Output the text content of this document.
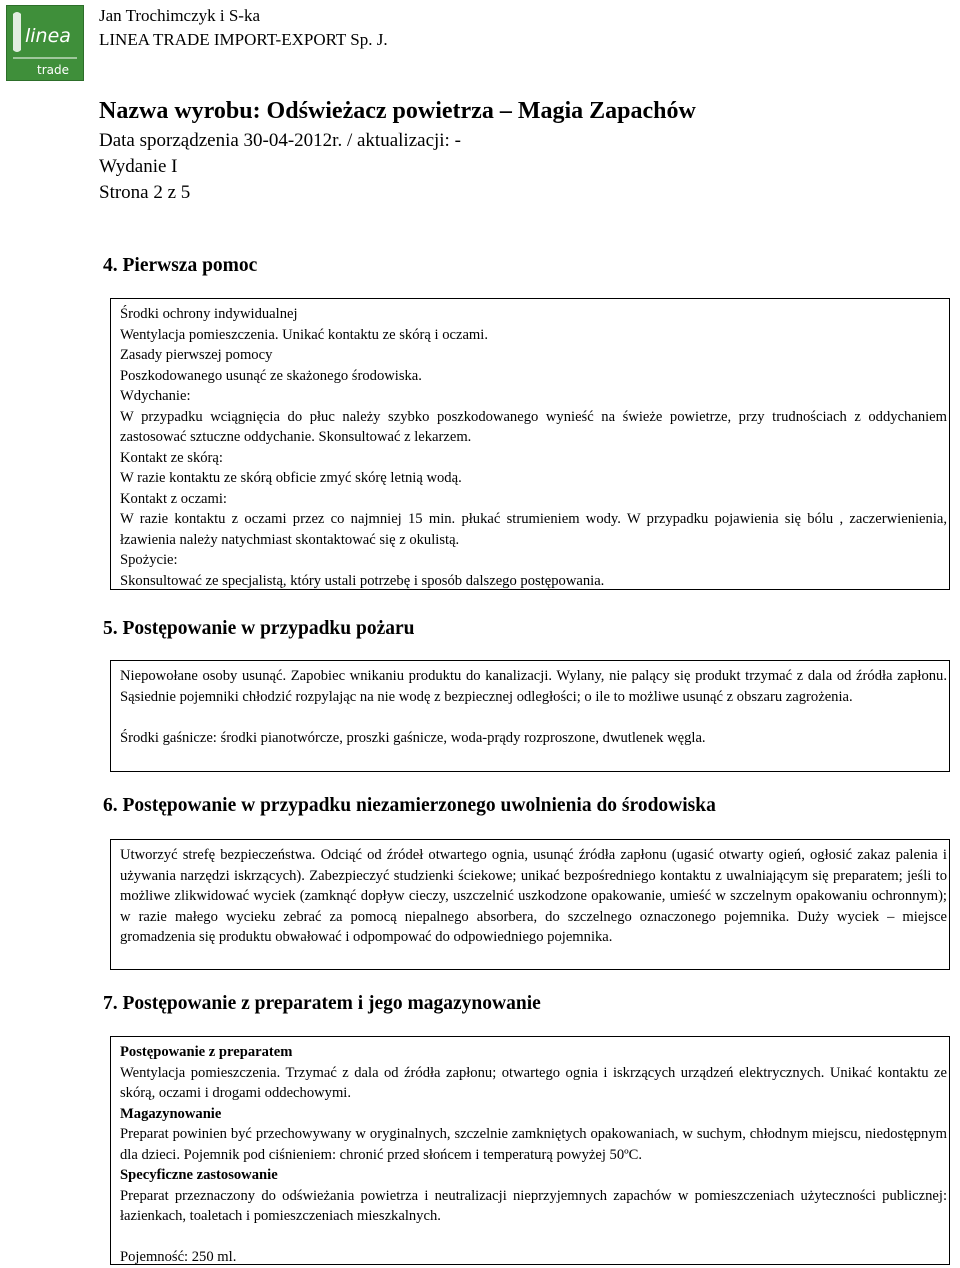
linea
trade
Jan Trochimczyk i S-ka
LINEA TRADE IMPORT-EXPORT Sp. J.
Nazwa wyrobu: Odświeżacz powietrza – Magia Zapachów
Data sporządzenia 30-04-2012r. / aktualizacji: -
Wydanie I
Strona 2 z 5
4. Pierwsza pomoc

Środki ochrony indywidualnej

Wentylacja pomieszczenia. Unikać kontaktu ze skórą i oczami.

Zasady pierwszej pomocy

Poszkodowanego usunąć ze skażonego środowiska.

Wdychanie:

W przypadku wciągnięcia do płuc należy szybko poszkodowanego wynieść na świeże powietrze, przy trudnościach z oddychaniem zastosować sztuczne oddychanie. Skonsultować z lekarzem.

Kontakt ze skórą:

W razie kontaktu ze skórą obficie zmyć skórę letnią wodą.

Kontakt z oczami:

W razie kontaktu z oczami przez co najmniej 15 min. płukać strumieniem wody. W przypadku pojawienia się bólu , zaczerwienienia, łzawienia należy natychmiast skontaktować się z okulistą.

Spożycie:

Skonsultować ze specjalistą, który ustali potrzebę i sposób dalszego postępowania.

5. Postępowanie w przypadku pożaru

Niepowołane osoby usunąć. Zapobiec wnikaniu produktu do kanalizacji. Wylany, nie palący się produkt trzymać z dala od źródła zapłonu. Sąsiednie pojemniki chłodzić rozpylając na nie wodę z bezpiecznej odległości; o ile to możliwe usunąć z obszaru zagrożenia.

Środki gaśnicze: środki pianotwórcze, proszki gaśnicze, woda-prądy rozproszone, dwutlenek węgla.

6. Postępowanie w przypadku niezamierzonego uwolnienia do środowiska

Utworzyć strefę bezpieczeństwa. Odciąć od źródeł otwartego ognia, usunąć źródła zapłonu (ugasić otwarty ogień, ogłosić zakaz palenia i używania narzędzi iskrzących). Zabezpieczyć studzienki ściekowe; unikać bezpośredniego kontaktu z uwalniającym się preparatem; jeśli to możliwe zlikwidować wyciek (zamknąć dopływ cieczy, uszczelnić uszkodzone opakowanie, umieść w szczelnym opakowaniu ochronnym); w razie małego wycieku zebrać za pomocą niepalnego absorbera, do szczelnego oznaczonego pojemnika. Duży wyciek – miejsce gromadzenia się produktu obwałować i odpompować do odpowiedniego pojemnika.

7. Postępowanie z preparatem i jego magazynowanie

Postępowanie z preparatem

Wentylacja pomieszczenia. Trzymać z dala od źródła zapłonu; otwartego ognia i iskrzących urządzeń elektrycznych. Unikać kontaktu ze skórą, oczami i drogami oddechowymi.

Magazynowanie

Preparat powinien być przechowywany w oryginalnych, szczelnie zamkniętych opakowaniach, w suchym, chłodnym miejscu, niedostępnym dla dzieci. Pojemnik pod ciśnieniem: chronić przed słońcem i temperaturą powyżej 50ºC.

Specyficzne zastosowanie

Preparat przeznaczony do odświeżania powietrza i neutralizacji nieprzyjemnych zapachów w pomieszczeniach użyteczności publicznej: łazienkach, toaletach i pomieszczeniach mieszkalnych.

Pojemność: 250 ml.
